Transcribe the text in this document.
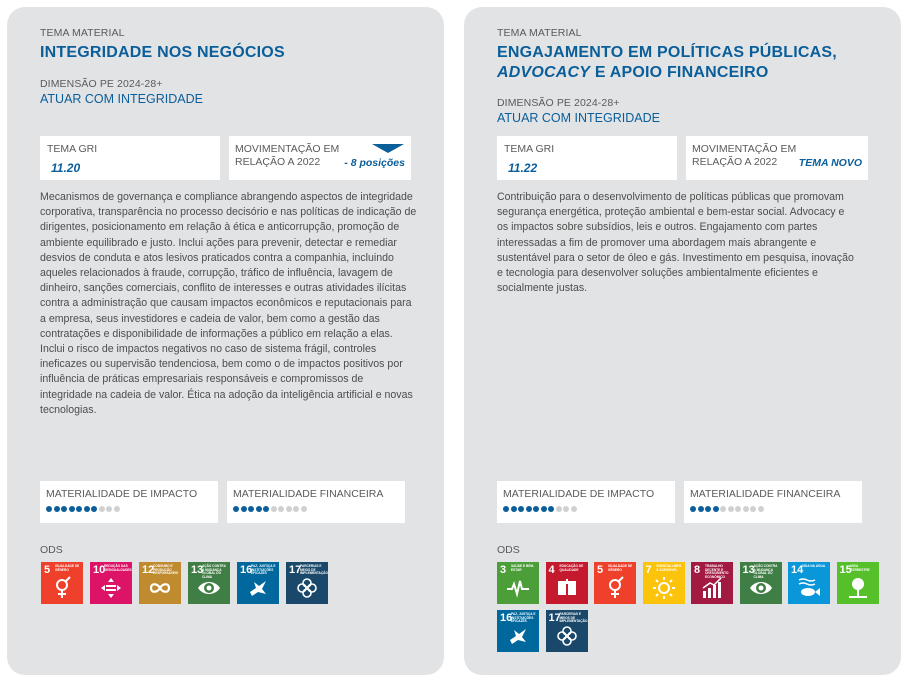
TEMA MATERIAL
INTEGRIDADE NOS NEGÓCIOS
DIMENSÃO PE 2024-28+
ATUAR COM INTEGRIDADE
TEMA GRI
11.20
MOVIMENTAÇÃO EM RELAÇÃO A 2022	- 8 posições
Mecanismos de governança e compliance abrangendo aspectos de integridade corporativa, transparência no processo decisório e nas políticas de indicação de dirigentes, posicionamento em relação à ética e anticorrupção, promoção de ambiente equilibrado e justo. Inclui ações para prevenir, detectar e remediar desvios de conduta e atos lesivos praticados contra a companhia, incluindo aqueles relacionados à fraude, corrupção, tráfico de influência, lavagem de dinheiro, sanções comerciais, conflito de interesses e outras atividades ilícitas contra a administração que causam impactos econômicos e reputacionais para a empresa, seus investidores e cadeia de valor, bem como a gestão das contratações e disponibilidade de informações a público em relação a elas. Inclui o risco de impactos negativos no caso de sistema frágil, controles ineficazes ou supervisão tendenciosa, bem como o de impactos positivos por influência de práticas empresariais responsáveis e compromissos de integridade na cadeia de valor. Ética na adoção da inteligência artificial e novas tecnologias.
MATERIALIDADE DE IMPACTO	MATERIALIDADE FINANCEIRA
ODS
5 IGUALDADE DE GÊNERO	10
REDUÇÃO DAS DESIGUALDADES 12
CONSUMO E PRODUÇÃO RESPONSÁVEIS 13
AÇÃO CONTRA A MUDANÇA GLOBAL DO CLIMA
16
PAZ, JUSTIÇA E INSTITUIÇÕES EFICAZES	17
PARCERIAS E MEIOS DE IMPLEMENTAÇÃO
TEMA MATERIAL
ENGAJAMENTO EM POLÍTICAS PÚBLICAS,
ADVOCACY E APOIO FINANCEIRO
DIMENSÃO PE 2024-28+
ATUAR COM INTEGRIDADE
TEMA GRI
11.22
MOVIMENTAÇÃO EM RELAÇÃO A 2022	TEMA NOVO
Contribuição para o desenvolvimento de políticas públicas que promovam segurança energética, proteção ambiental e bem-estar social. Advocacy e os impactos sobre subsídios, leis e outros. Engajamento com partes interessadas a fim de promover uma abordagem mais abrangente e sustentável para o setor de óleo e gás. Investimento em pesquisa, inovação e tecnologia para desenvolver soluções ambientalmente eficientes e socialmente justas.
MATERIALIDADE DE IMPACTO	MATERIALIDADE FINANCEIRA
ODS
3 SAÚDE E BEM-ESTAR	4 EDUCAÇÃO DE QUALIDADE	5 IGUALDADE DE GÊNERO	7 ENERGIA LIMPA E ACESSÍVEL	8 TRABALHO DECENTE E CRESCIMENTO ECONÔMICO
13
AÇÃO CONTRA A MUDANÇA GLOBAL DO CLIMA
14
VIDA NA ÁGUA 15
VIDA TERRESTRE
16
PAZ, JUSTIÇA E INSTITUIÇÕES EFICAZES	17
PARCERIAS E MEIOS DE IMPLEMENTAÇÃO
